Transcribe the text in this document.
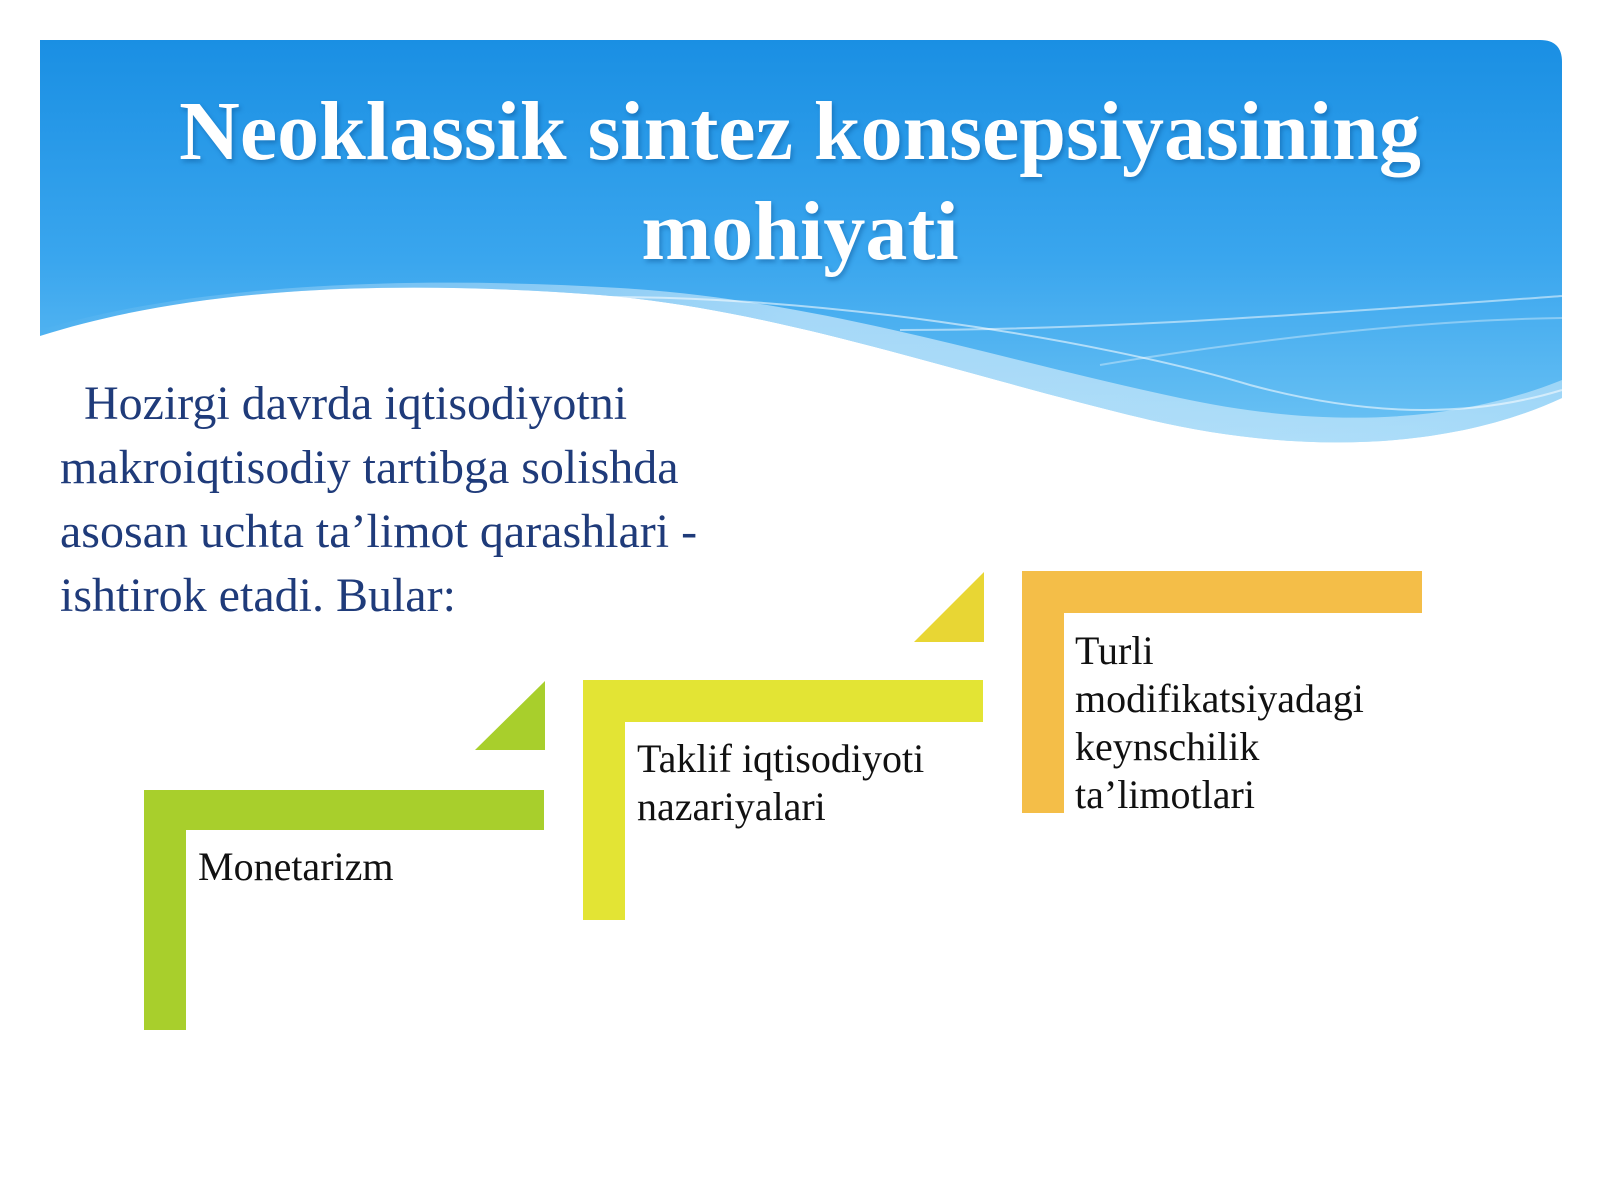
Neoklassik sintez konsepsiyasining mohiyati

Hozirgi davrda iqtisodiyotni makroiqtisodiy tartibga solishda asosan uchta ta’limot qarashlari - ishtirok etadi. Bular:

Monetarizm

Taklif iqtisodiyoti nazariyalari

Turli modifikatsiyadagi keynschilik ta’limotlari
